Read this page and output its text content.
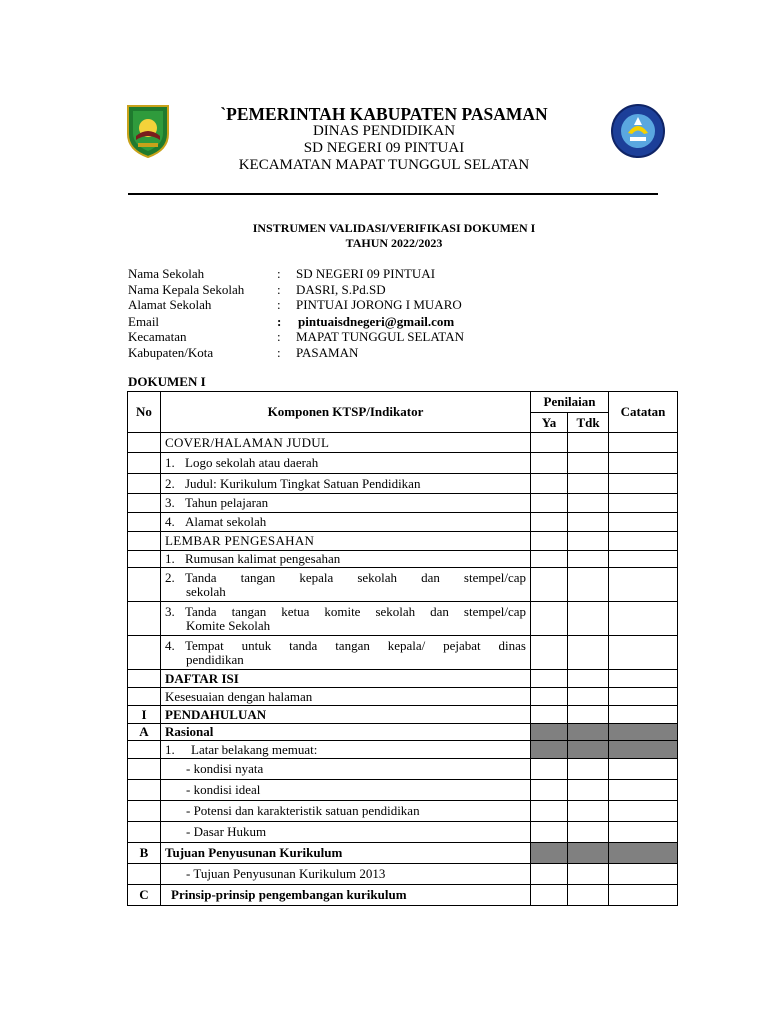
`PEMERINTAH KABUPATEN PASAMAN
DINAS PENDIDIKAN
SD NEGERI 09 PINTUAI
KECAMATAN MAPAT TUNGGUL SELATAN
INSTRUMEN VALIDASI/VERIFIKASI DOKUMEN I
TAHUN 2022/2023
Nama Sekolah	: SD NEGERI 09 PINTUAI
Nama Kepala Sekolah	: DASRI, S.Pd.SD
Alamat Sekolah	: PINTUAI JORONG I MUARO
Email	: pintuaisdnegeri@gmail.com
Kecamatan	: MAPAT TUNGGUL SELATAN
Kabupaten/Kota	: PASAMAN
DOKUMEN I
No	Komponen KTSP/Indikator	Penilaian		Catatan
		Ya	Tdk	
	COVER/HALAMAN JUDUL			
	1. Logo sekolah atau daerah			
	2. Judul: Kurikulum Tingkat Satuan Pendidikan			
	3. Tahun pelajaran			
	4. Alamat sekolah			
	LEMBAR PENGESAHAN			
	1. Rumusan kalimat pengesahan			

	2. Tanda tangan kepala sekolah dan stempel/cap
sekolah			

	3. Tanda tangan ketua komite sekolah dan stempel/cap
Komite Sekolah			

	4. Tempat untuk tanda tangan kepala/ pejabat dinas
pendidikan			

	DAFTAR ISI			
	Kesesuaian dengan halaman			
I	PENDAHULUAN			
A	Rasional			
	1. Latar belakang memuat:			
	- kondisi nyata			
	- kondisi ideal			
	- Potensi dan karakteristik satuan pendidikan			
	- Dasar Hukum			
B	Tujuan Penyusunan Kurikulum			
	- Tujuan Penyusunan Kurikulum 2013			
C	Prinsip-prinsip pengembangan kurikulum			
